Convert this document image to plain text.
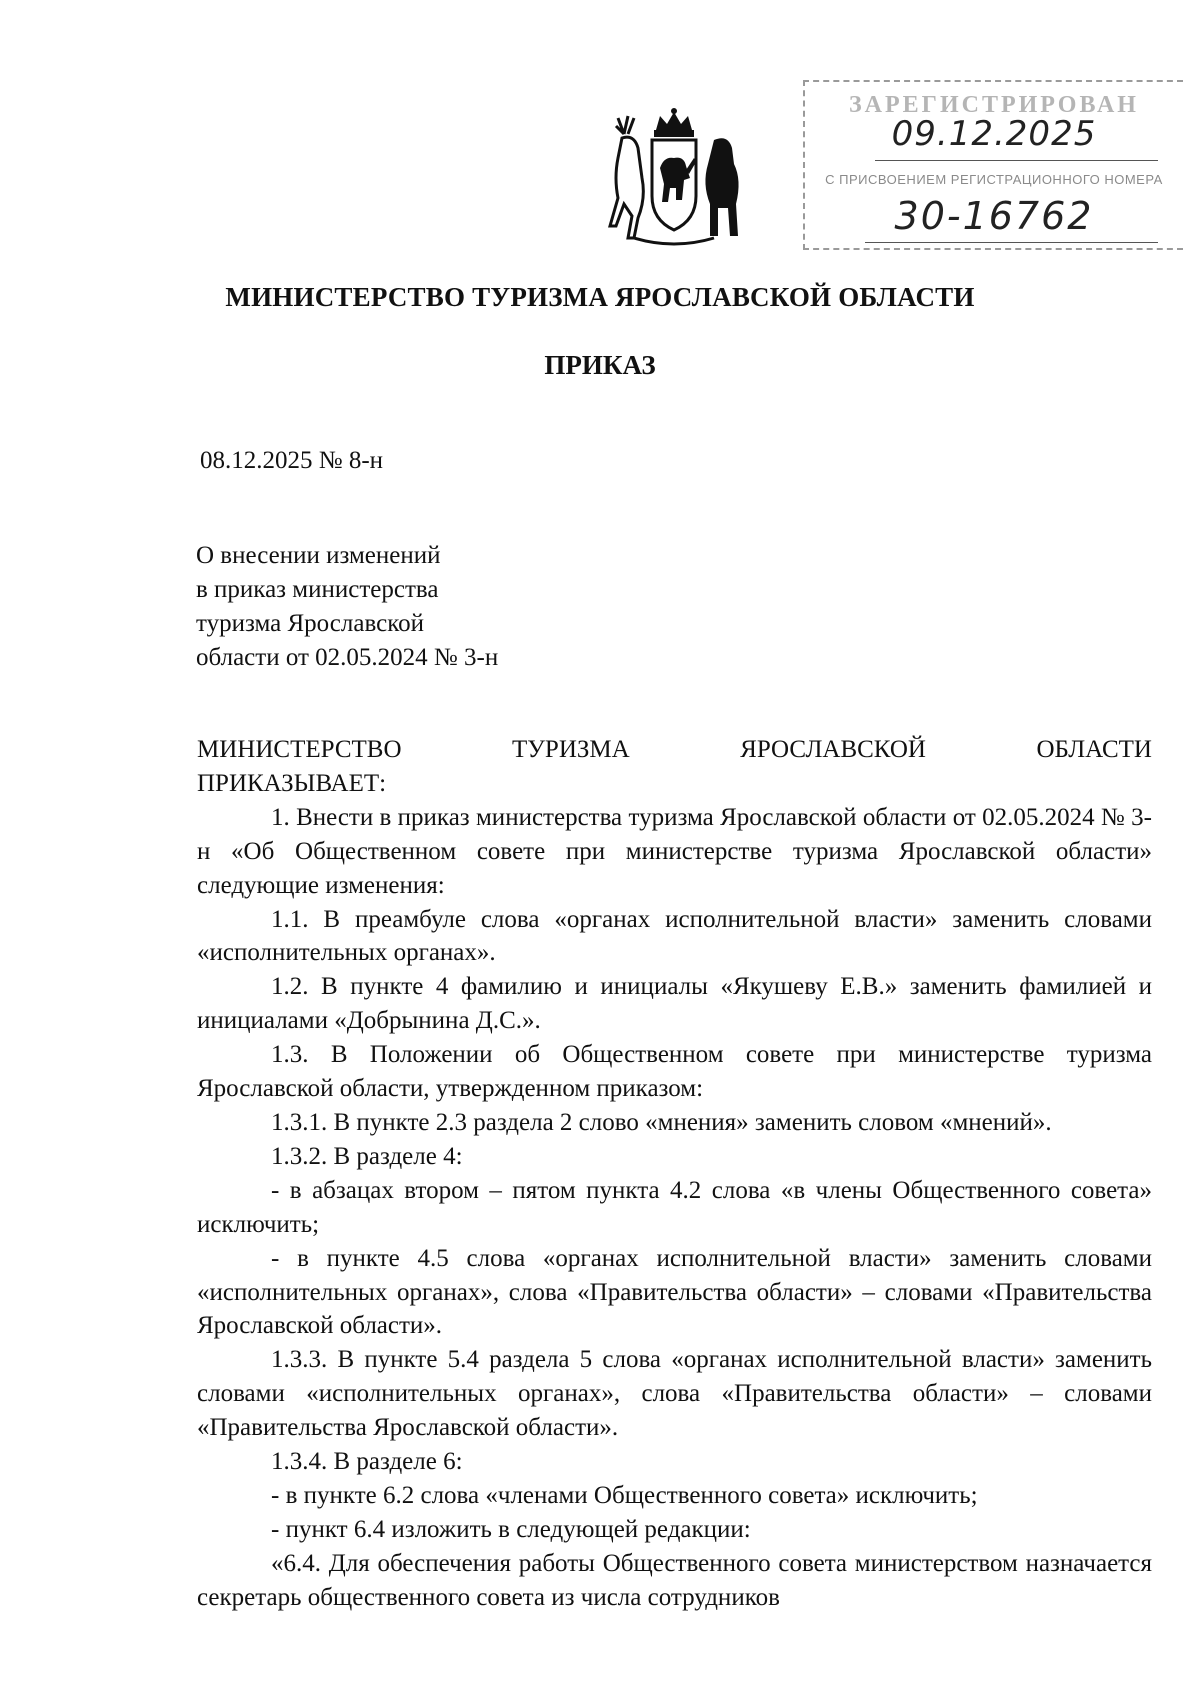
ЗАРЕГИСТРИРОВАН
09.12.2025
С ПРИСВОЕНИЕМ РЕГИСТРАЦИОННОГО НОМЕРА
30-16762
МИНИСТЕРСТВО ТУРИЗМА ЯРОСЛАВСКОЙ ОБЛАСТИ
ПРИКАЗ
08.12.2025 № 8-н
О внесении изменений
в приказ министерства
туризма Ярославской
области от 02.05.2024 № 3-н
МИНИСТЕРСТВО	ТУРИЗМА	ЯРОСЛАВСКОЙ	ОБЛАСТИ

ПРИКАЗЫВАЕТ:

1. Внести в приказ министерства туризма Ярославской области от 02.05.2024 № 3-н «Об Общественном совете при министерстве туризма Ярославской области» следующие изменения:

1.1. В преамбуле слова «органах исполнительной власти» заменить словами «исполнительных органах».

1.2. В пункте 4 фамилию и инициалы «Якушеву Е.В.» заменить фамилией и инициалами «Добрынина Д.С.».

1.3. В Положении об Общественном совете при министерстве туризма Ярославской области, утвержденном приказом:

1.3.1. В пункте 2.3 раздела 2 слово «мнения» заменить словом «мнений».

1.3.2. В разделе 4:

- в абзацах втором – пятом пункта 4.2 слова «в члены Общественного совета» исключить;

- в пункте 4.5 слова «органах исполнительной власти» заменить словами «исполнительных органах», слова «Правительства области» – словами «Правительства Ярославской области».

1.3.3. В пункте 5.4 раздела 5 слова «органах исполнительной власти» заменить словами «исполнительных органах», слова «Правительства области» – словами «Правительства Ярославской области».

1.3.4. В разделе 6:

- в пункте 6.2 слова «членами Общественного совета» исключить;

- пункт 6.4 изложить в следующей редакции:

«6.4. Для обеспечения работы Общественного совета министерством назначается секретарь общественного совета из числа сотрудников
